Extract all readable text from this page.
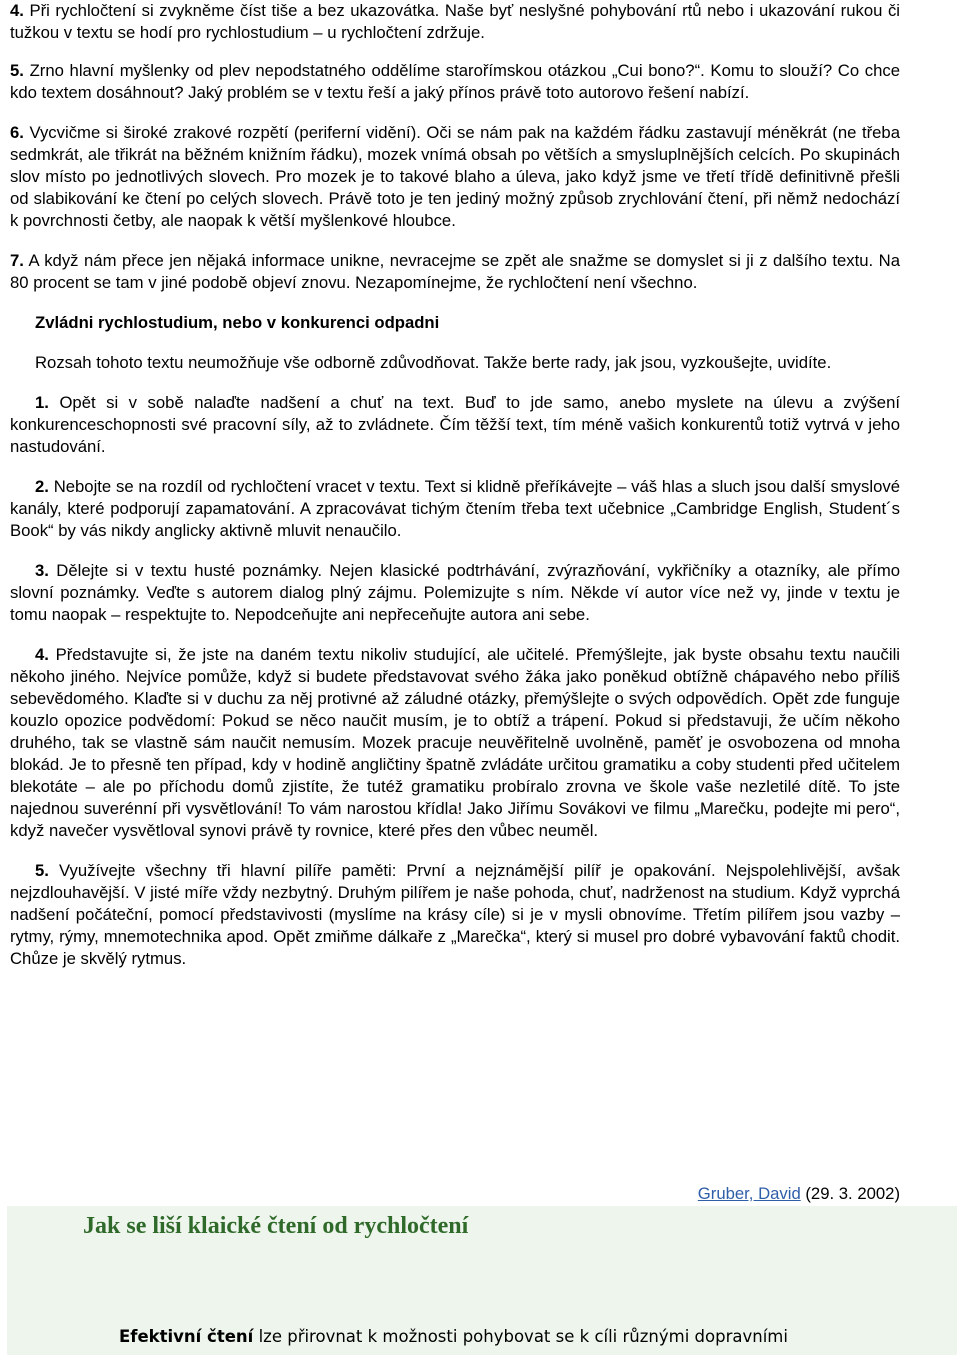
4. Při rychločtení si zvykněme číst tiše a bez ukazovátka. Naše byť neslyšné pohybování rtů nebo i ukazování rukou či tužkou v textu se hodí pro rychlostudium – u rychločtení zdržuje.

5. Zrno hlavní myšlenky od plev nepodstatného oddělíme starořímskou otázkou „Cui bono?“. Komu to slouží? Co chce kdo textem dosáhnout? Jaký problém se v textu řeší a jaký přínos právě toto autorovo řešení nabízí.

6. Vycvičme si široké zrakové rozpětí (periferní vidění). Oči se nám pak na každém řádku zastavují méněkrát (ne třeba sedmkrát, ale třikrát na běžném knižním řádku), mozek vnímá obsah po větších a smysluplnějších celcích. Po skupinách slov místo po jednotlivých slovech. Pro mozek je to takové blaho a úleva, jako když jsme ve třetí třídě definitivně přešli od slabikování ke čtení po celých slovech. Právě toto je ten jediný možný způsob zrychlování čtení, při němž nedochází k povrchnosti četby, ale naopak k větší myšlenkové hloubce.

7. A když nám přece jen nějaká informace unikne, nevracejme se zpět ale snažme se domyslet si ji z dalšího textu. Na 80 procent se tam v jiné podobě objeví znovu. Nezapomínejme, že rychločtení není všechno.

Zvládni rychlostudium, nebo v konkurenci odpadni

Rozsah tohoto textu neumožňuje vše odborně zdůvodňovat. Takže berte rady, jak jsou, vyzkoušejte, uvidíte.

1. Opět si v sobě nalaďte nadšení a chuť na text. Buď to jde samo, anebo myslete na úlevu a zvýšení konkurenceschopnosti své pracovní síly, až to zvládnete. Čím těžší text, tím méně vašich konkurentů totiž vytrvá v jeho nastudování.

2. Nebojte se na rozdíl od rychločtení vracet v textu. Text si klidně přeříkávejte – váš hlas a sluch jsou další smyslové kanály, které podporují zapamatování. A zpracovávat tichým čtením třeba text učebnice „Cambridge English, Student´s Book“ by vás nikdy anglicky aktivně mluvit nenaučilo.

3. Dělejte si v textu husté poznámky. Nejen klasické podtrhávání, zvýrazňování, vykřičníky a otazníky, ale přímo slovní poznámky. Veďte s autorem dialog plný zájmu. Polemizujte s ním. Někde ví autor více než vy, jinde v textu je tomu naopak – respektujte to. Nepodceňujte ani nepřeceňujte autora ani sebe.

4. Představujte si, že jste na daném textu nikoliv studující, ale učitelé. Přemýšlejte, jak byste obsahu textu naučili někoho jiného. Nejvíce pomůže, když si budete představovat svého žáka jako poněkud obtížně chápavého nebo příliš sebevědomého. Klaďte si v duchu za něj protivné až záludné otázky, přemýšlejte o svých odpovědích. Opět zde funguje kouzlo opozice podvědomí: Pokud se něco naučit musím, je to obtíž a trápení. Pokud si představuji, že učím někoho druhého, tak se vlastně sám naučit nemusím. Mozek pracuje neuvěřitelně uvolněně, paměť je osvobozena od mnoha blokád. Je to přesně ten případ, kdy v hodině angličtiny špatně zvládáte určitou gramatiku a coby studenti před učitelem blekotáte – ale po příchodu domů zjistíte, že tutéž gramatiku probíralo zrovna ve škole vaše nezletilé dítě. To jste najednou suverénní při vysvětlování! To vám narostou křídla! Jako Jiřímu Sovákovi ve filmu „Marečku, podejte mi pero“, když navečer vysvětloval synovi právě ty rovnice, které přes den vůbec neuměl.

5. Využívejte všechny tři hlavní pilíře paměti: První a nejznámější pilíř je opakování. Nejspolehlivější, avšak nejzdlouhavější. V jisté míře vždy nezbytný. Druhým pilířem je naše pohoda, chuť, nadrženost na studium. Když vyprchá nadšení počáteční, pomocí představivosti (myslíme na krásy cíle) si je v mysli obnovíme. Třetím pilířem jsou vazby – rytmy, rýmy, mnemotechnika apod. Opět zmiňme dálkaře z „Marečka“, který si musel pro dobré vybavování faktů chodit. Chůze je skvělý rytmus.

Gruber, David (29. 3. 2002)
Jak se liší klaické čtení od rychločtení
Efektivní čtení lze přirovnat k možnosti pohybovat se k cíli různými dopravními
